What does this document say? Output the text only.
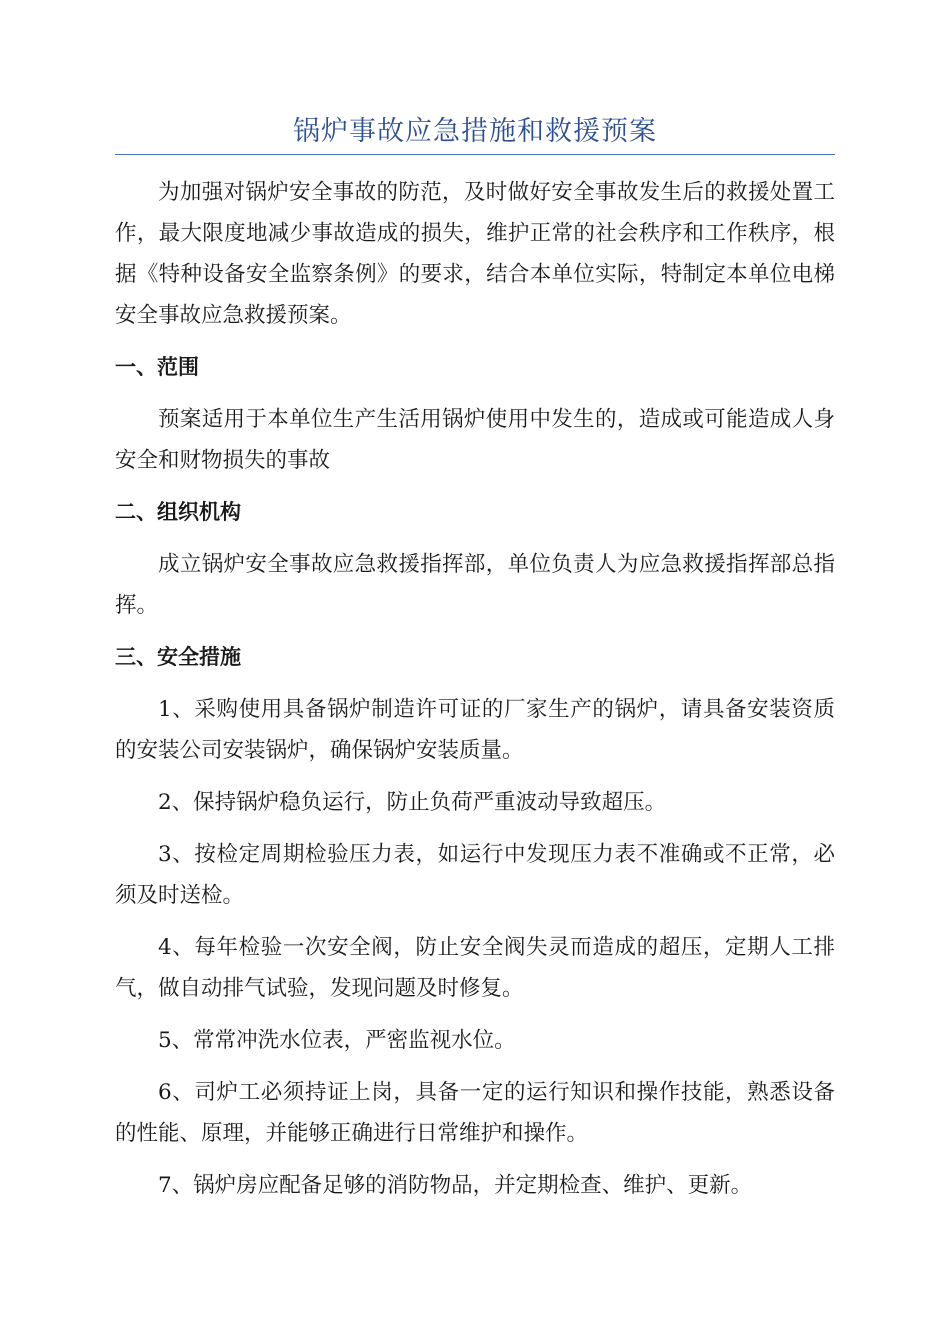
锅炉事故应急措施和救援预案

为加强对锅炉安全事故的防范，及时做好安全事故发生后的救援处置工作，最大限度地减少事故造成的损失，维护正常的社会秩序和工作秩序，根据《特种设备安全监察条例》的要求，结合本单位实际，特制定本单位电梯安全事故应急救援预案。

一、范围

预案适用于本单位生产生活用锅炉使用中发生的，造成或可能造成人身安全和财物损失的事故

二、组织机构

成立锅炉安全事故应急救援指挥部，单位负责人为应急救援指挥部总指挥。

三、安全措施

1、采购使用具备锅炉制造许可证的厂家生产的锅炉，请具备安装资质的安装公司安装锅炉，确保锅炉安装质量。

2、保持锅炉稳负运行，防止负荷严重波动导致超压。

3、按检定周期检验压力表，如运行中发现压力表不准确或不正常，必须及时送检。

4、每年检验一次安全阀，防止安全阀失灵而造成的超压，定期人工排气，做自动排气试验，发现问题及时修复。

5、常常冲洗水位表，严密监视水位。

6、司炉工必须持证上岗，具备一定的运行知识和操作技能，熟悉设备的性能、原理，并能够正确进行日常维护和操作。

7、锅炉房应配备足够的消防物品，并定期检查、维护、更新。
